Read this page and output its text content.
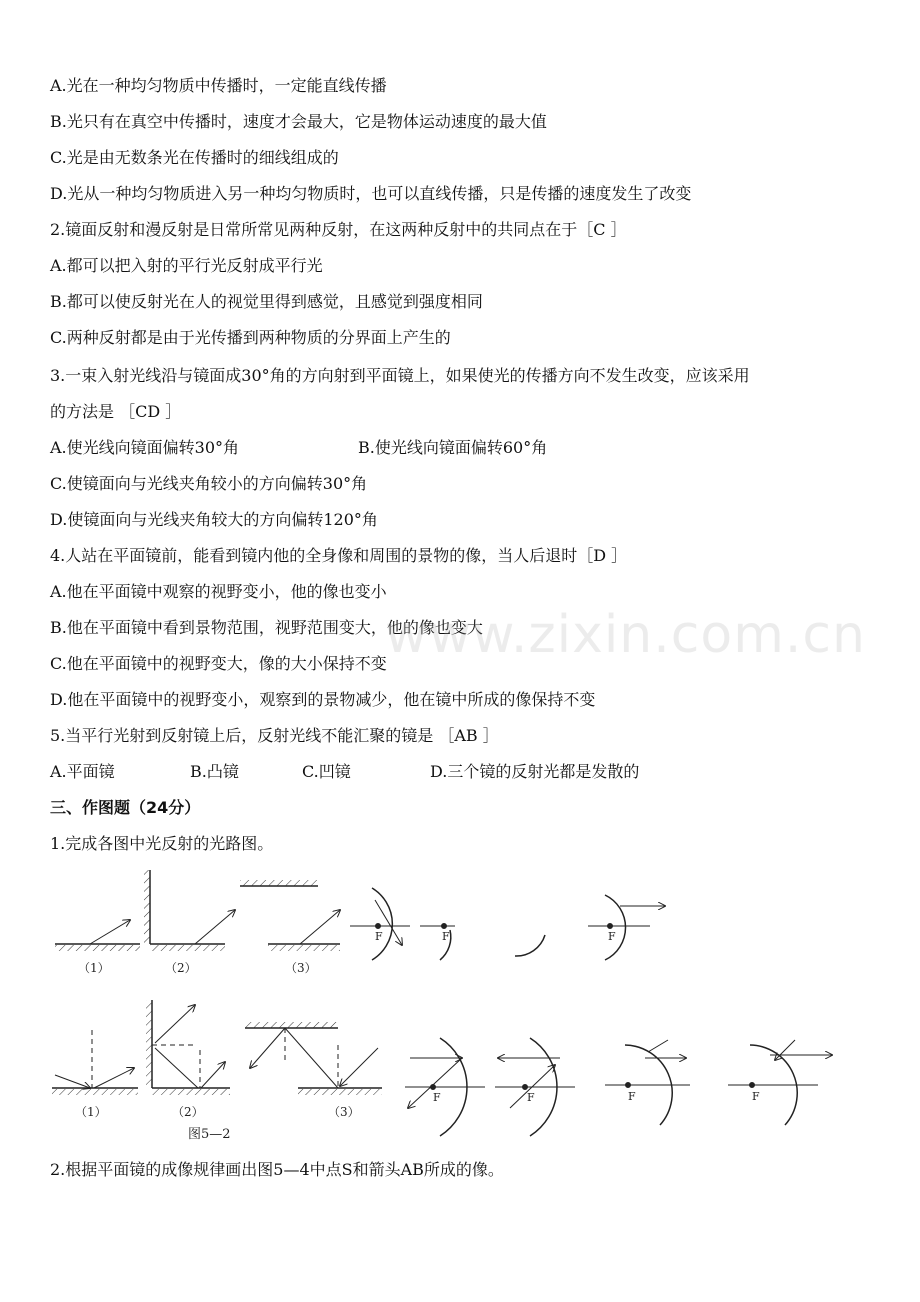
A.光在一种均匀物质中传播时，一定能直线传播
B.光只有在真空中传播时，速度才会最大，它是物体运动速度的最大值
C.光是由无数条光在传播时的细线组成的
D.光从一种均匀物质进入另一种均匀物质时，也可以直线传播，只是传播的速度发生了改变
2.镜面反射和漫反射是日常所常见两种反射，在这两种反射中的共同点在于［C ］
A.都可以把入射的平行光反射成平行光
B.都可以使反射光在人的视觉里得到感觉，且感觉到强度相同
C.两种反射都是由于光传播到两种物质的分界面上产生的
3.一束入射光线沿与镜面成30°角的方向射到平面镜上，如果使光的传播方向不发生改变，应该采用
的方法是 ［CD ］
A.使光线向镜面偏转30°角	B.使光线向镜面偏转60°角
C.使镜面向与光线夹角较小的方向偏转30°角
D.使镜面向与光线夹角较大的方向偏转120°角
4.人站在平面镜前，能看到镜内他的全身像和周围的景物的像，当人后退时［D ］
A.他在平面镜中观察的视野变小，他的像也变小
B.他在平面镜中看到景物范围，视野范围变大，他的像也变大
C.他在平面镜中的视野变大，像的大小保持不变
D.他在平面镜中的视野变小，观察到的景物减少，他在镜中所成的像保持不变
5.当平行光射到反射镜上后，反射光线不能汇聚的镜是 ［AB ］
A.平面镜	B.凸镜	C.凹镜	D.三个镜的反射光都是发散的
三、作图题（24分）
1.完成各图中光反射的光路图。
2.根据平面镜的成像规律画出图5—4中点S和箭头AB所成的像。
www.zixin.com.cn
（1）	（2）	（3）
F	F	F
（1）	（2）	（3）
F	F	F	F
图5—2
